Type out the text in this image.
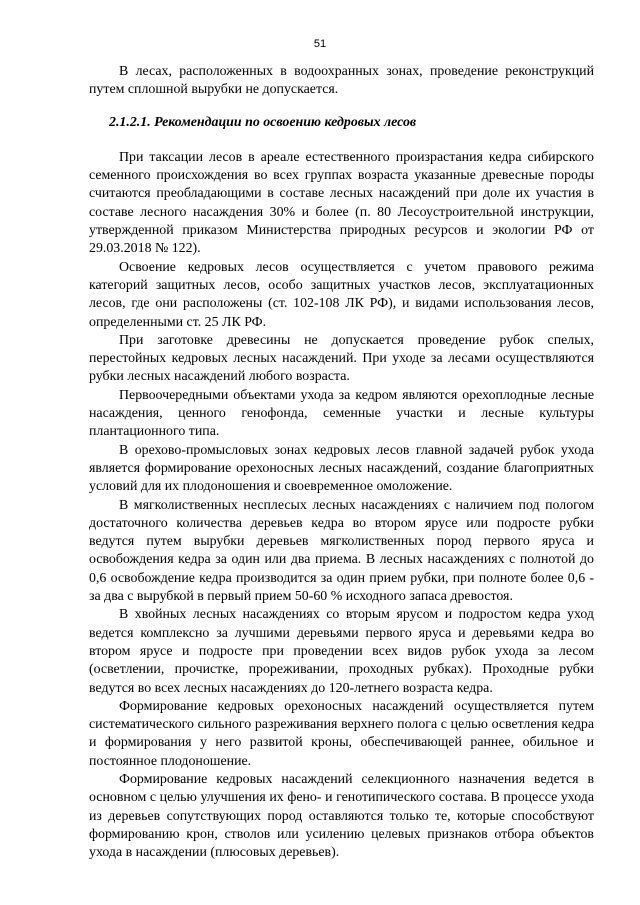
51

В лесах, расположенных в водоохранных зонах, проведение реконструкций путем сплошной вырубки не допускается.

2.1.2.1. Рекомендации по освоению кедровых лесов

При таксации лесов в ареале естественного произрастания кедра сибирского семенного происхождения во всех группах возраста указанные древесные породы считаются преобладающими в составе лесных насаждений при доле их участия в составе лесного насаждения 30% и более (п. 80 Лесоустроительной инструкции, утвержденной приказом Министерства природных ресурсов и экологии РФ от 29.03.2018 № 122).

Освоение кедровых лесов осуществляется с учетом правового режима категорий защитных лесов, особо защитных участков лесов, эксплуатационных лесов, где они расположены (ст. 102-108 ЛК РФ), и видами использования лесов, определенными ст. 25 ЛК РФ.

При заготовке древесины не допускается проведение рубок спелых, перестойных кедровых лесных насаждений. При уходе за лесами осуществляются рубки лесных насаждений любого возраста.

Первоочередными объектами ухода за кедром являются орехоплодные лесные насаждения, ценного генофонда, семенные участки и лесные культуры плантационного типа.

В орехово-промысловых зонах кедровых лесов главной задачей рубок ухода является формирование орехоносных лесных насаждений, создание благоприятных условий для их плодоношения и своевременное омоложение.

В мягколиственных несплесых лесных насаждениях с наличием под пологом достаточного количества деревьев кедра во втором ярусе или подросте рубки ведутся путем вырубки деревьев мягколиственных пород первого яруса и освобождения кедра за один или два приема. В лесных насаждениях с полнотой до 0,6 освобождение кедра производится за один прием рубки, при полноте более 0,6 - за два с вырубкой в первый прием 50-60 % исходного запаса древостоя.

В хвойных лесных насаждениях со вторым ярусом и подростом кедра уход ведется комплексно за лучшими деревьями первого яруса и деревьями кедра во втором ярусе и подросте при проведении всех видов рубок ухода за лесом (осветлении, прочистке, прореживании, проходных рубках). Проходные рубки ведутся во всех лесных насаждениях до 120-летнего возраста кедра.

Формирование кедровых орехоносных насаждений осуществляется путем систематического сильного разреживания верхнего полога с целью осветления кедра и формирования у него развитой кроны, обеспечивающей раннее, обильное и постоянное плодоношение.

Формирование кедровых насаждений селекционного назначения ведется в основном с целью улучшения их фено- и генотипического состава. В процессе ухода из деревьев сопутствующих пород оставляются только те, которые способствуют формированию крон, стволов или усилению целевых признаков отбора объектов ухода в насаждении (плюсовых деревьев).
